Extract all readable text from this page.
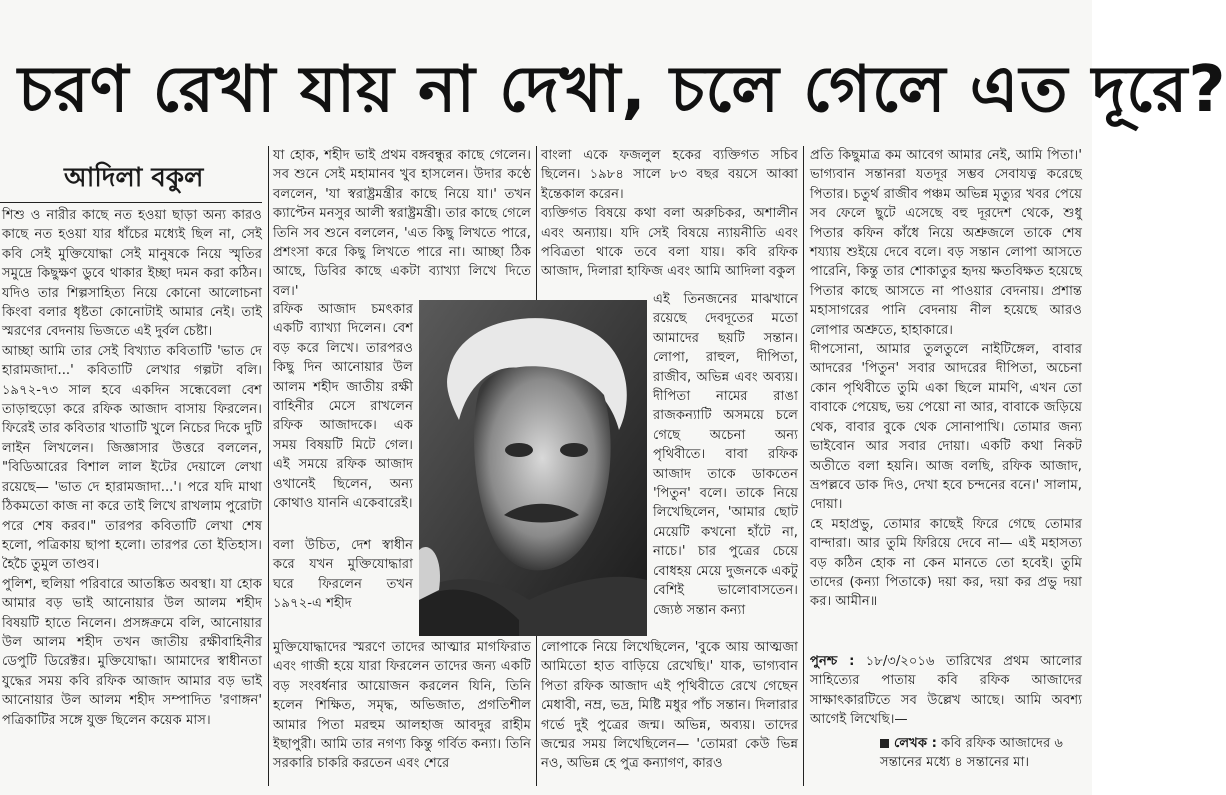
চরণ রেখা যায় না দেখা, চলে গেলে এত দূরে?
আদিলা বকুল

শিশু ও নারীর কাছে নত হওয়া ছাড়া অন্য কারও কাছে নত হওয়া যার ধাঁচের মধ্যেই ছিল না, সেই কবি সেই মুক্তিযোদ্ধা সেই মানুষকে নিয়ে স্মৃতির সমুদ্রে কিছুক্ষণ ডুবে থাকার ইচ্ছা দমন করা কঠিন। যদিও তার শিল্পসাহিত্য নিয়ে কোনো আলোচনা কিংবা বলার ধৃষ্টতা কোনোটাই আমার নেই। তাই স্মরণের বেদনায় ভিজতে এই দুর্বল চেষ্টা।

আচ্ছা আমি তার সেই বিখ্যাত কবিতাটি 'ভাত দে হারামজাদা...' কবিতাটি লেখার গল্পটা বলি। ১৯৭২-৭৩ সাল হবে একদিন সন্ধেবেলা বেশ তাড়াহুড়ো করে রফিক আজাদ বাসায় ফিরলেন। ফিরেই তার কবিতার খাতাটি খুলে নিচের দিকে দুটি লাইন লিখলেন। জিজ্ঞাসার উত্তরে বললেন, "বিডিআরের বিশাল লাল ইটের দেয়ালে লেখা রয়েছে— 'ভাত দে হারামজাদা...'। পরে যদি মাথা ঠিকমতো কাজ না করে তাই লিখে রাখলাম পুরোটা পরে শেষ করব।" তারপর কবিতাটি লেখা শেষ হলো, পত্রিকায় ছাপা হলো। তারপর তো ইতিহাস। হৈচৈ তুমুল তাণ্ডব।

পুলিশ, হুলিয়া পরিবারে আতঙ্কিত অবস্থা। যা হোক আমার বড় ভাই আনোয়ার উল আলম শহীদ বিষয়টি হাতে নিলেন। প্রসঙ্গক্রমে বলি, আনোয়ার উল আলম শহীদ তখন জাতীয় রক্ষীবাহিনীর ডেপুটি ডিরেক্টর। মুক্তিযোদ্ধা। আমাদের স্বাধীনতা যুদ্ধের সময় কবি রফিক আজাদ আমার বড় ভাই আনোয়ার উল আলম শহীদ সম্পাদিত 'রণাঙ্গন' পত্রিকাটির সঙ্গে যুক্ত ছিলেন কয়েক মাস।

যা হোক, শহীদ ভাই প্রথম বঙ্গবন্ধুর কাছে গেলেন। সব শুনে সেই মহামানব খুব হাসলেন। উদার কণ্ঠে বললেন, 'যা স্বরাষ্ট্রমন্ত্রীর কাছে নিয়ে যা।' তখন ক্যাপ্টেন মনসুর আলী স্বরাষ্ট্রমন্ত্রী। তার কাছে গেলে তিনি সব শুনে বললেন, 'এত কিছু লিখতে পারে, প্রশংসা করে কিছু লিখতে পারে না। আচ্ছা ঠিক আছে, ডিবির কাছে একটা ব্যাখ্যা লিখে দিতে বল।'

রফিক আজাদ চমৎকার একটি ব্যাখ্যা দিলেন। বেশ বড় করে লিখে। তারপরও কিছু দিন আনোয়ার উল আলম শহীদ জাতীয় রক্ষী বাহিনীর মেসে রাখলেন রফিক আজাদকে। এক সময় বিষয়টি মিটে গেল। এই সময়ে রফিক আজাদ ওখানেই ছিলেন, অন্য কোথাও যাননি একেবারেই।

বলা উচিত, দেশ স্বাধীন করে যখন মুক্তিযোদ্ধারা ঘরে ফিরলেন তখন ১৯৭২-এ শহীদ

মুক্তিযোদ্ধাদের স্মরণে তাদের আত্মার মাগফিরাত এবং গাজী হয়ে যারা ফিরলেন তাদের জন্য একটি বড় সংবর্ধনার আয়োজন করলেন যিনি, তিনি হলেন শিক্ষিত, সমৃদ্ধ, অভিজাত, প্রগতিশীল আমার পিতা মরহুম আলহাজ আবদুর রাহীম ইছাপুরী। আমি তার নগণ্য কিন্তু গর্বিত কন্যা। তিনি সরকারি চাকরি করতেন এবং শেরে

বাংলা একে ফজলুল হকের ব্যক্তিগত সচিব ছিলেন। ১৯৮৪ সালে ৮৩ বছর বয়সে আব্বা ইন্তেকাল করেন।

ব্যক্তিগত বিষয়ে কথা বলা অরুচিকর, অশালীন এবং অন্যায়। যদি সেই বিষয়ে ন্যায়নীতি এবং পবিত্রতা থাকে তবে বলা যায়। কবি রফিক আজাদ, দিলারা হাফিজ এবং আমি আদিলা বকুল

এই তিনজনের মাঝখানে রয়েছে দেবদূতের মতো আমাদের ছয়টি সন্তান। লোপা, রাহুল, দীপিতা, রাজীব, অভিন্ন এবং অব্যয়। দীপিতা নামের রাঙা রাজকন্যাটি অসময়ে চলে গেছে অচেনা অন্য পৃথিবীতে। বাবা রফিক আজাদ তাকে ডাকতেন 'পিতুন' বলে। তাকে নিয়ে লিখেছিলেন, 'আমার ছোট মেয়েটি কখনো হাঁটে না, নাচে।' চার পুত্রের চেয়ে বোধহয় মেয়ে দুজনকে একটু বেশিই ভালোবাসতেন। জ্যেষ্ঠ সন্তান কন্যা

লোপাকে নিয়ে লিখেছিলেন, 'বুকে আয় আত্মজা আমিতো হাত বাড়িয়ে রেখেছি।' যাক, ভাগ্যবান পিতা রফিক আজাদ এই পৃথিবীতে রেখে গেছেন মেধাবী, নম্র, ভদ্র, মিষ্টি মধুর পাঁচ সন্তান। দিলারার গর্ভে দুই পুত্রের জন্ম। অভিন্ন, অব্যয়। তাদের জন্মের সময় লিখেছিলেন— 'তোমরা কেউ ভিন্ন নও, অভিন্ন হে পুত্র কন্যাগণ, কারও

প্রতি কিছুমাত্র কম আবেগ আমার নেই, আমি পিতা।' ভাগ্যবান সন্তানরা যতদূর সম্ভব সেবাযত্ন করেছে পিতার। চতুর্থ রাজীব পঞ্চম অভিন্ন মৃত্যুর খবর পেয়ে সব ফেলে ছুটে এসেছে বহু দূরদেশ থেকে, শুধু পিতার কফিন কাঁধে নিয়ে অশ্রুজলে তাকে শেষ শয্যায় শুইয়ে দেবে বলে। বড় সন্তান লোপা আসতে পারেনি, কিন্তু তার শোকাতুর হৃদয় ক্ষতবিক্ষত হয়েছে পিতার কাছে আসতে না পাওয়ার বেদনায়। প্রশান্ত মহাসাগরের পানি বেদনায় নীল হয়েছে আরও লোপার অশ্রুতে, হাহাকারে।

দীপসোনা, আমার তুলতুলে নাইটিঙ্গেল, বাবার আদরের 'পিতুন' সবার আদরের দীপিতা, অচেনা কোন পৃথিবীতে তুমি একা ছিলে মামণি, এখন তো বাবাকে পেয়েছ, ভয় পেয়ো না আর, বাবাকে জড়িয়ে থেক, বাবার বুকে থেক সোনাপাখি। তোমার জন্য ভাইবোন আর সবার দোয়া। একটি কথা নিকট অতীতে বলা হয়নি। আজ বলছি, রফিক আজাদ, ভ্রপল্লবে ডাক দিও, দেখা হবে চন্দনের বনে।' সালাম, দোয়া।

হে মহাপ্রভু, তোমার কাছেই ফিরে গেছে তোমার বান্দারা। আর তুমি ফিরিয়ে দেবে না— এই মহাসত্য বড় কঠিন হোক না কেন মানতে তো হবেই। তুমি তাদের (কন্যা পিতাকে) দয়া কর, দয়া কর প্রভু দয়া কর। আমীন॥

পুনশ্চ : ১৮/৩/২০১৬ তারিখের প্রথম আলোর সাহিত্যের পাতায় কবি রফিক আজাদের সাক্ষাৎকারটিতে সব উল্লেখ আছে। আমি অবশ্য আগেই লিখেছি।—

লেখক : কবি রফিক আজাদের ৬ সন্তানের মধ্যে ৪ সন্তানের মা।
